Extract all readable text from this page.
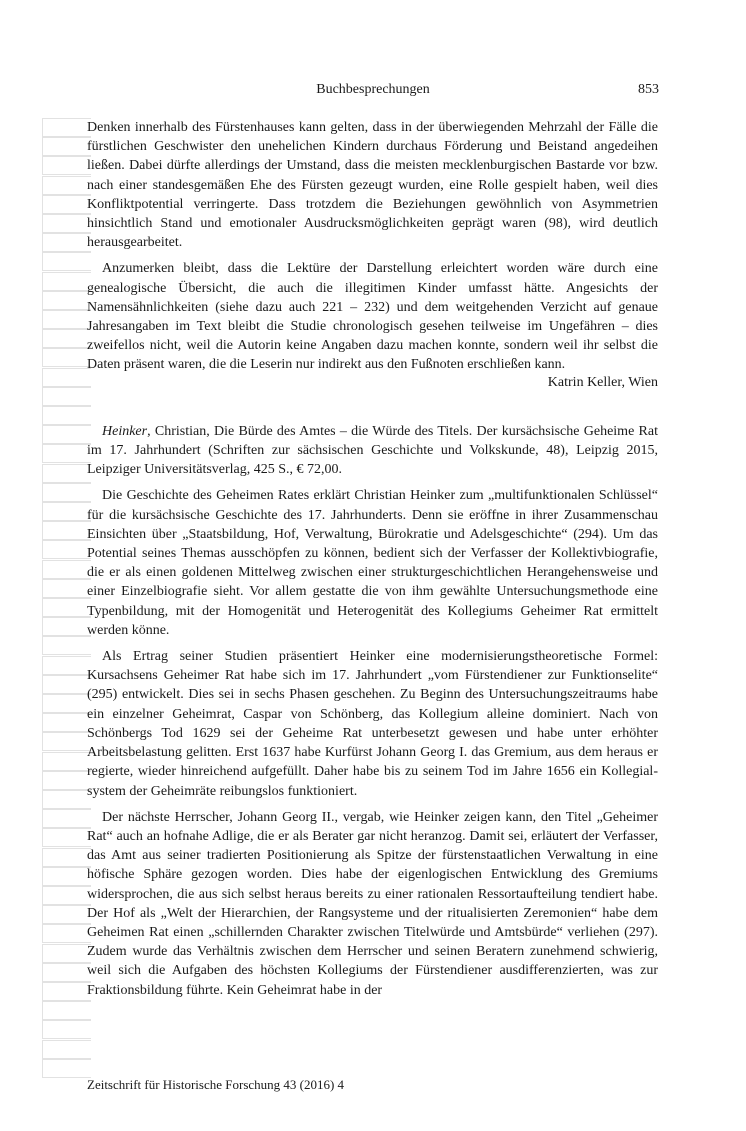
Buchbesprechungen	853

Denken innerhalb des Fürstenhauses kann gelten, dass in der überwiegenden Mehrzahl der Fälle die fürstlichen Geschwister den unehelichen Kindern durchaus Förderung und Beistand angedeihen ließen. Dabei dürfte allerdings der Umstand, dass die meisten mecklenburgischen Bastarde vor bzw. nach einer standesgemäßen Ehe des Fürsten gezeugt wurden, eine Rolle gespielt haben, weil dies Konfliktpotential verringerte. Dass trotzdem die Beziehungen gewöhnlich von Asymmetrien hinsichtlich Stand und emotionaler Ausdrucksmöglichkeiten geprägt waren (98), wird deutlich herausgearbeitet.

Anzumerken bleibt, dass die Lektüre der Darstellung erleichtert worden wäre durch eine genealogische Übersicht, die auch die illegitimen Kinder umfasst hätte. Angesichts der Namensähnlichkeiten (siehe dazu auch 221 – 232) und dem weitgehenden Verzicht auf genaue Jahresangaben im Text bleibt die Studie chronologisch gesehen teilweise im Ungefähren – dies zweifellos nicht, weil die Autorin keine Angaben dazu machen konnte, sondern weil ihr selbst die Daten präsent waren, die die Leserin nur indirekt aus den Fußnoten erschließen kann.

Katrin Keller, Wien

Heinker, Christian, Die Bürde des Amtes – die Würde des Titels. Der kursächsische Geheime Rat im 17. Jahrhundert (Schriften zur sächsischen Geschichte und Volkskunde, 48), Leipzig 2015, Leipziger Universitätsverlag, 425 S., € 72,00.

Die Geschichte des Geheimen Rates erklärt Christian Heinker zum „multifunktionalen Schlüssel“ für die kursächsische Geschichte des 17. Jahrhunderts. Denn sie eröffne in ihrer Zusammenschau Einsichten über „Staatsbildung, Hof, Verwaltung, Bürokratie und Adelsgeschichte“ (294). Um das Potential seines Themas ausschöpfen zu können, bedient sich der Verfasser der Kollektivbiografie, die er als einen goldenen Mittelweg zwischen einer strukturgeschichtlichen Herangehensweise und einer Einzelbiografie sieht. Vor allem gestatte die von ihm gewählte Untersuchungsmethode eine Typenbildung, mit der Homogenität und Heterogenität des Kollegiums Geheimer Rat ermittelt werden könne.

Als Ertrag seiner Studien präsentiert Heinker eine modernisierungstheoretische Formel: Kursachsens Geheimer Rat habe sich im 17. Jahrhundert „vom Fürstendiener zur Funktionselite“ (295) entwickelt. Dies sei in sechs Phasen geschehen. Zu Beginn des Untersuchungszeitraums habe ein einzelner Geheimrat, Caspar von Schönberg, das Kollegium alleine dominiert. Nach von Schönbergs Tod 1629 sei der Geheime Rat unterbesetzt gewesen und habe unter erhöhter Arbeitsbelastung gelitten. Erst 1637 habe Kurfürst Johann Georg I. das Gremium, aus dem heraus er regierte, wieder hinreichend aufgefüllt. Daher habe bis zu seinem Tod im Jahre 1656 ein Kollegialsystem der Geheimräte reibungslos funktioniert.

Der nächste Herrscher, Johann Georg II., vergab, wie Heinker zeigen kann, den Titel „Geheimer Rat“ auch an hofnahe Adlige, die er als Berater gar nicht heranzog. Damit sei, erläutert der Verfasser, das Amt aus seiner tradierten Positionierung als Spitze der fürstenstaatlichen Verwaltung in eine höfische Sphäre gezogen worden. Dies habe der eigenlogischen Entwicklung des Gremiums widersprochen, die aus sich selbst heraus bereits zu einer rationalen Ressortaufteilung tendiert habe. Der Hof als „Welt der Hierarchien, der Rangsysteme und der ritualisierten Zeremonien“ habe dem Geheimen Rat einen „schillernden Charakter zwischen Titelwürde und Amtsbürde“ verliehen (297). Zudem wurde das Verhältnis zwischen dem Herrscher und seinen Beratern zunehmend schwierig, weil sich die Aufgaben des höchsten Kollegiums der Fürstendiener ausdifferenzierten, was zur Fraktionsbildung führte. Kein Geheimrat habe in der

Zeitschrift für Historische Forschung 43 (2016) 4
